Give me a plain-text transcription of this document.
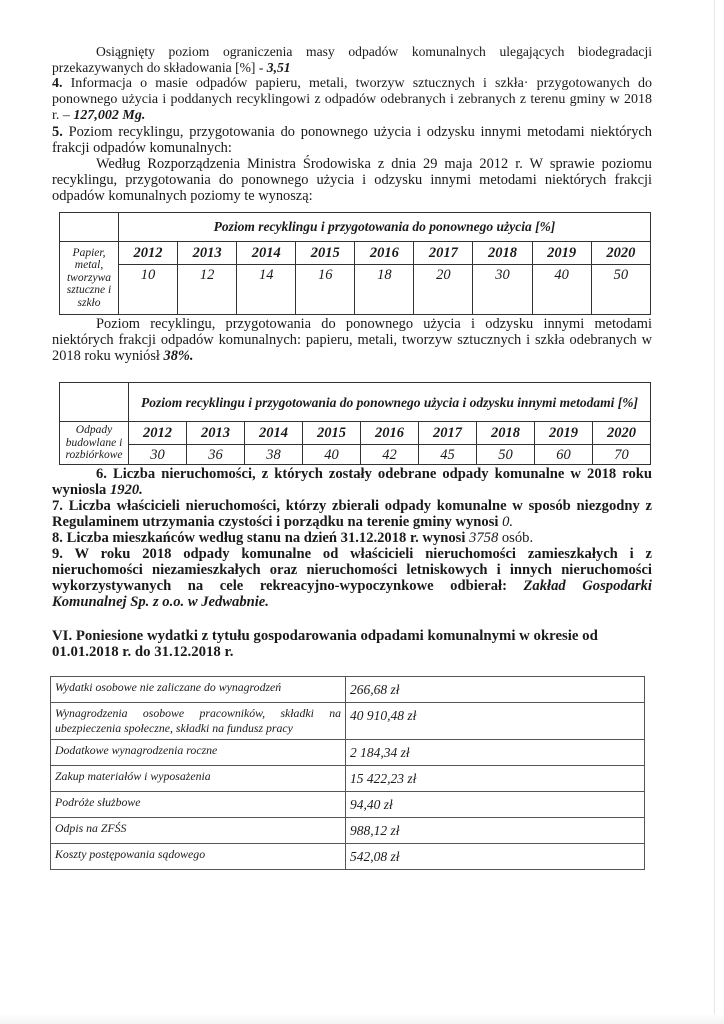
Osiągnięty poziom ograniczenia masy odpadów komunalnych ulegających biodegradacji przekazywanych do składowania [%] - 3,51

4. Informacja o masie odpadów papieru, metali, tworzyw sztucznych i szkła· przygotowanych do ponownego użycia i poddanych recyklingowi z odpadów odebranych i zebranych z terenu gminy w 2018 r. – 127,002 Mg.

5. Poziom recyklingu, przygotowania do ponownego użycia i odzysku innymi metodami niektórych frakcji odpadów komunalnych:

Według Rozporządzenia Ministra Środowiska z dnia 29 maja 2012 r. W sprawie poziomu recyklingu, przygotowania do ponownego użycia i odzysku innymi metodami niektórych frakcji odpadów komunalnych poziomy te wynoszą:

	Poziom recyklingu i przygotowania do ponownego użycia [%]								
Papier, metal, tworzywa sztuczne i szkło	2012	2013	2014	2015	2016	2017	2018	2019	2020
	10	12	14	16	18	20	30	40	50

Poziom recyklingu, przygotowania do ponownego użycia i odzysku innymi metodami niektórych frakcji odpadów komunalnych: papieru, metali, tworzyw sztucznych i szkła odebranych w 2018 roku wyniósł 38%.

	Poziom recyklingu i przygotowania do ponownego użycia i odzysku innymi metodami [%]								
Odpady budowlane i rozbiórkowe	2012	2013	2014	2015	2016	2017	2018	2019	2020
	30	36	38	40	42	45	50	60	70

6. Liczba nieruchomości, z których zostały odebrane odpady komunalne w 2018 roku wyniosla 1920.

7. Liczba właścicieli nieruchomości, którzy zbierali odpady komunalne w sposób niezgodny z Regulaminem utrzymania czystości i porządku na terenie gminy wynosi 0.

8. Liczba mieszkańców według stanu na dzień 31.12.2018 r. wynosi 3758 osób.

9. W roku 2018 odpady komunalne od właścicieli nieruchomości zamieszkałych i z nieruchomości niezamieszkałych oraz nieruchomości letniskowych i innych nieruchomości wykorzystywanych na cele rekreacyjno-wypoczynkowe odbierał: Zakład Gospodarki Komunalnej Sp. z o.o. w Jedwabnie.

VI. Poniesione wydatki z tytułu gospodarowania odpadami komunalnymi w okresie od 01.01.2018 r. do 31.12.2018 r.

Wydatki osobowe nie zaliczane do wynagrodzeń	266,68 zł
Wynagrodzenia osobowe pracowników, składki na ubezpieczenia społeczne, składki na fundusz pracy	40 910,48 zł
Dodatkowe wynagrodzenia roczne	2 184,34 zł
Zakup materiałów i wyposażenia	15 422,23 zł
Podróże służbowe	94,40 zł
Odpis na ZFŚS	988,12 zł
Koszty postępowania sądowego	542,08 zł
